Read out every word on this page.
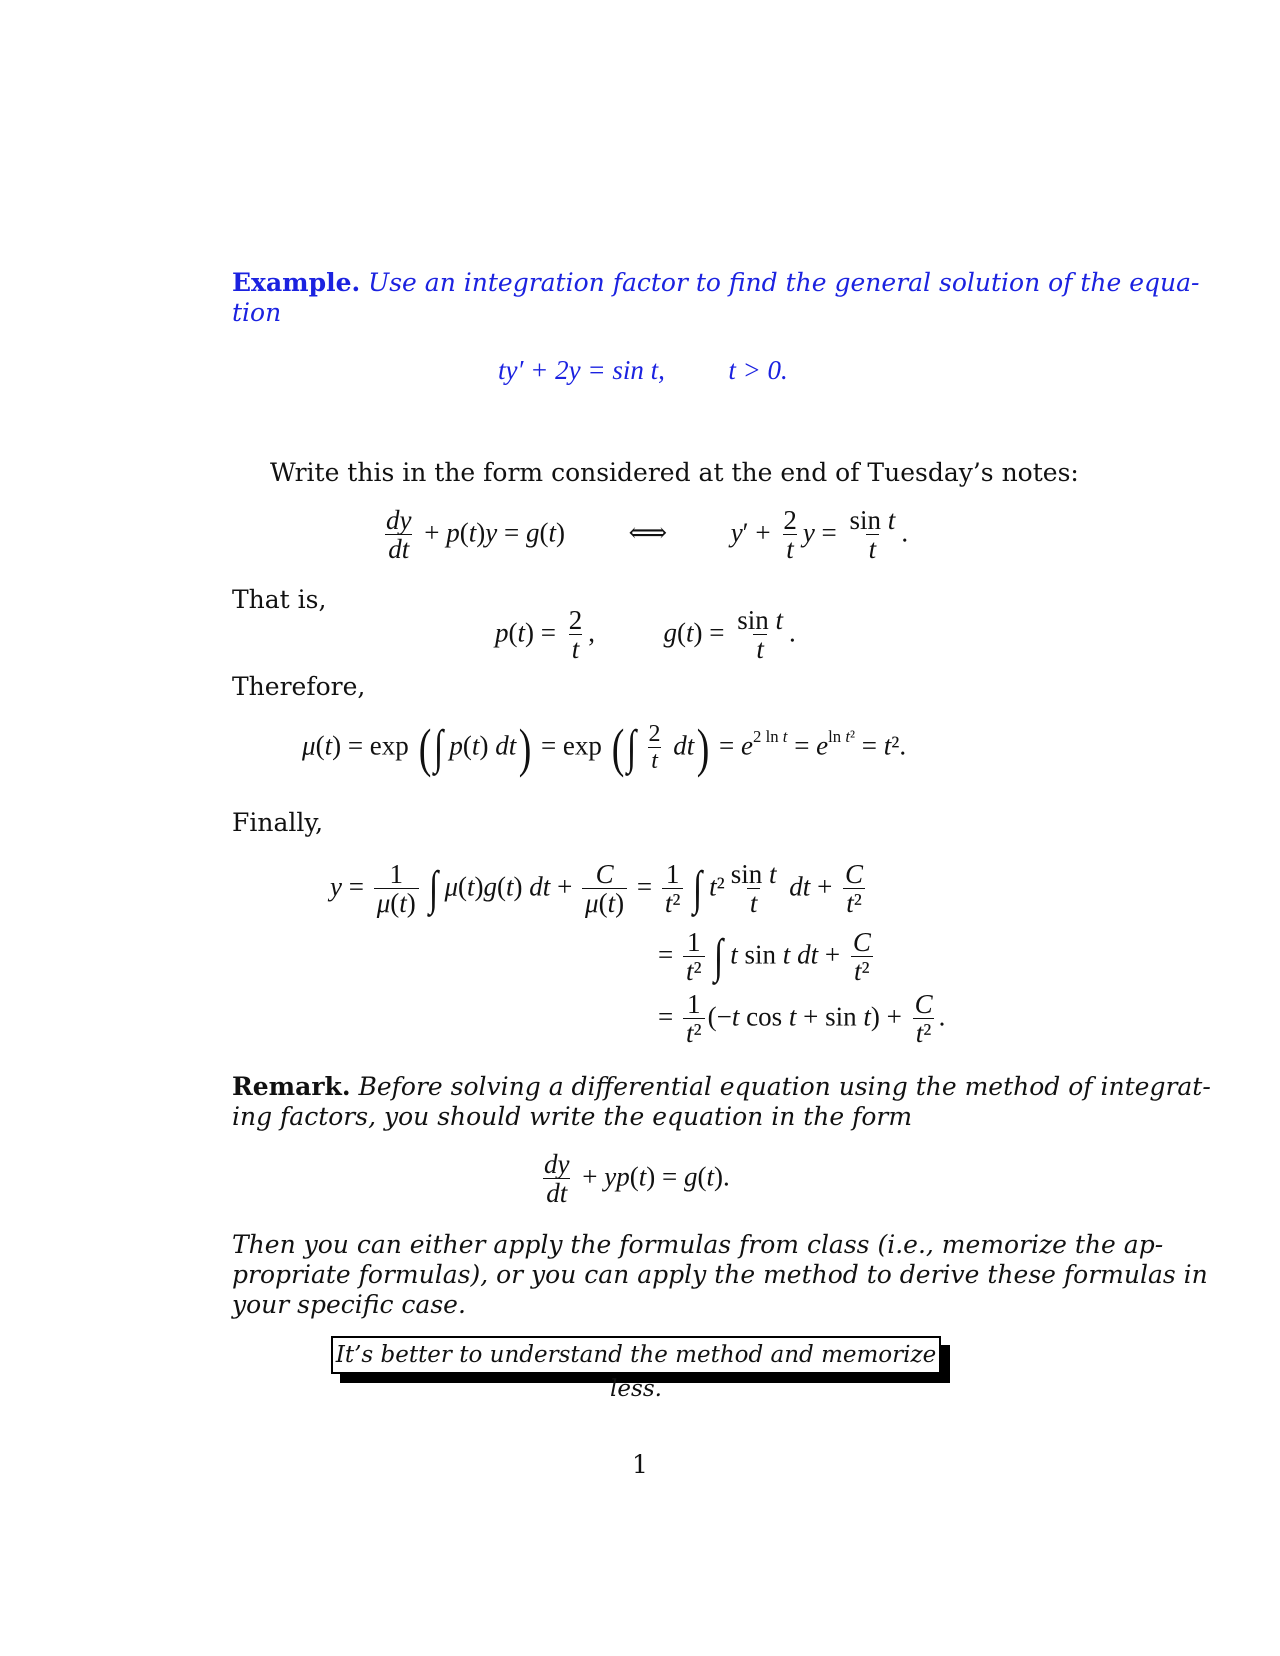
Example. Use an integration factor to find the general solution of the equa-
tion
ty′ + 2y = sin t, t > 0.
Write this in the form considered at the end of Tuesday’s notes:
$\frac{dy}{dt} + p(t)y = g(t)$  ⟺  $y' + \frac{2}{t}$ $y = \frac{\text{sin t}}{t}$ .
That is,
$p(t) = \frac{2}{t}$ ,  $g(t) = \frac{\text{sin t}}{t}$ .
Therefore,
μ(t) = exp (∫ p(t) dt) = exp (∫ $\frac{2}{t} dt) = e^{2 ln t} = e^{ln t^2} = t^2$.
Finally,
$y = \frac{1}{\mu(t)}$ ∫ μ(t)g(t) dt + $\frac{C}{\mu(t)} = \frac{1}{\text{t²}}$ ∫ $t^2 \frac{\text{sin t}}{t}$ dt + $\frac{C}{\text{t²}}$
= $\frac{1}{\text{t²}}$ ∫ t sin t dt + $\frac{C}{\text{t²}}$
= $\frac{1}{\text{t²}} (-t$ $\cos t + \sin t) + \frac{C}{\text{t²}}$ .
Remark. Before solving a differential equation using the method of integrat-
ing factors, you should write the equation in the form
$\frac{dy}{dt} + yp(t) = g(t)$.
Then you can either apply the formulas from class (i.e., memorize the ap-
propriate formulas), or you can apply the method to derive these formulas in
your specific case.
It’s better to understand the method and memorize less.
1
